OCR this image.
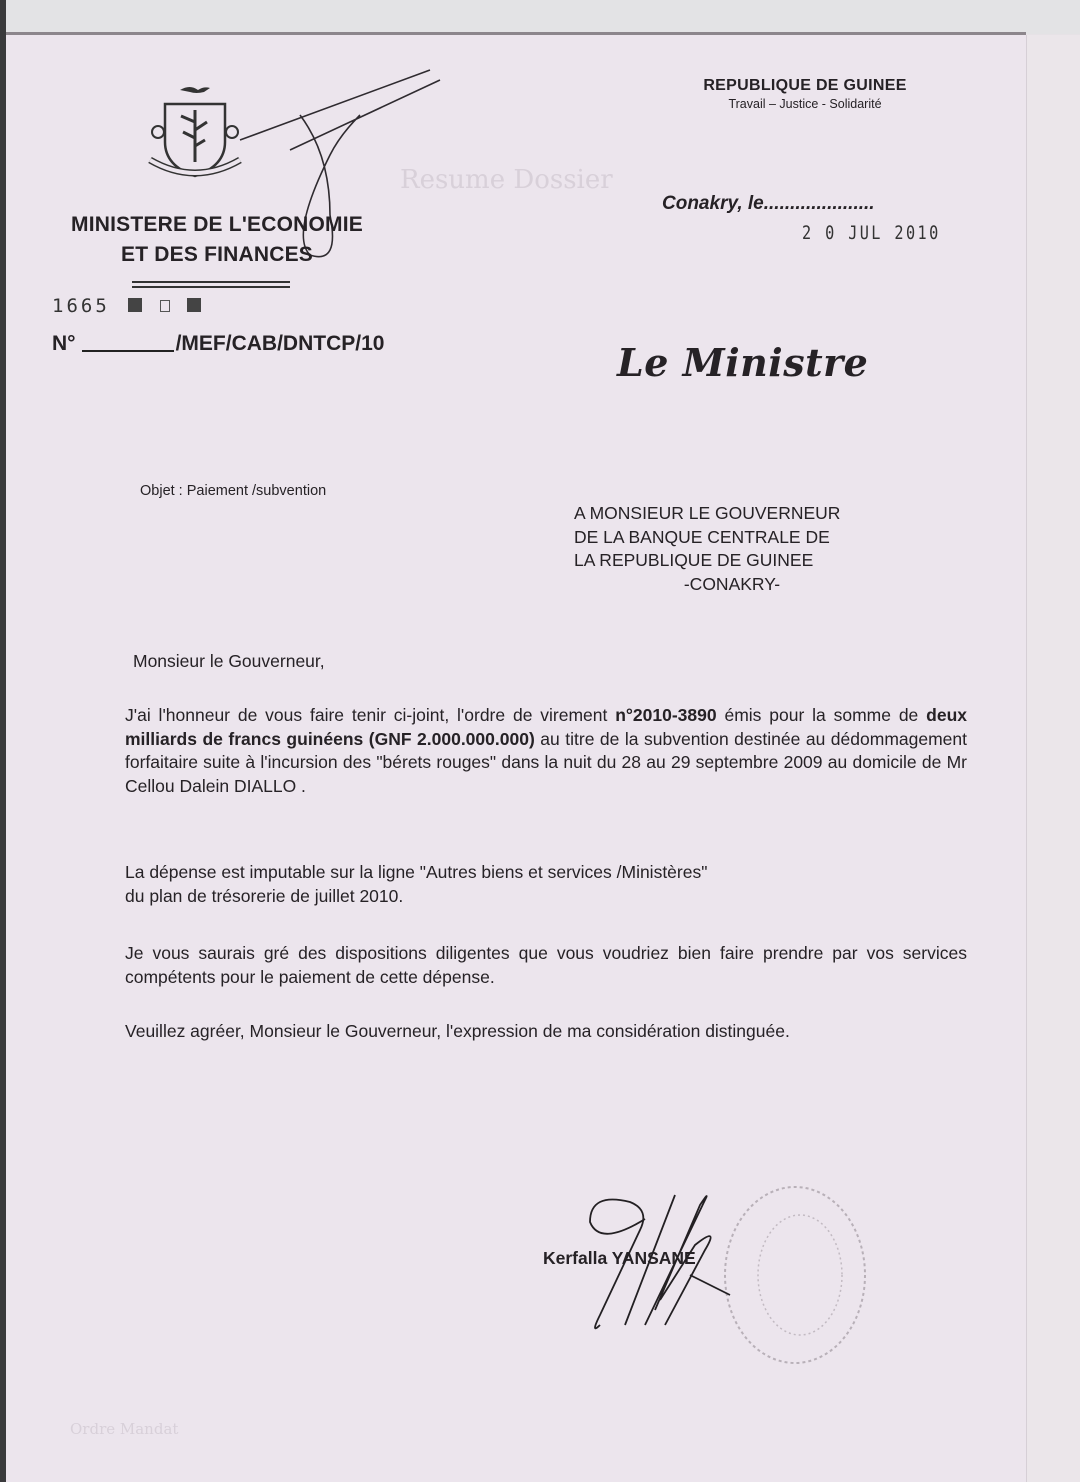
Resume Dossier
Ordre Mandat
MINISTERE DE L'ECONOMIE
ET DES FINANCES
1665
N°	/MEF/CAB/DNTCP/10
REPUBLIQUE DE GUINEE
Travail – Justice - Solidarité
Conakry, le.....................
2 0 JUL 2010
Le Ministre
Objet : Paiement /subvention
A MONSIEUR LE GOUVERNEUR
DE LA BANQUE CENTRALE DE
LA REPUBLIQUE DE GUINEE
-CONAKRY-
Monsieur le Gouverneur,
J'ai l'honneur de vous faire tenir ci-joint, l'ordre de virement n°2010-3890 émis pour la somme de deux milliards de francs guinéens (GNF 2.000.000.000) au titre de la subvention destinée au dédommagement forfaitaire suite à l'incursion des "bérets rouges" dans la nuit du 28 au 29 septembre 2009 au domicile de Mr Cellou Dalein DIALLO .
La dépense est imputable sur la ligne "Autres biens et services /Ministères"
du plan de trésorerie de juillet 2010.
Je vous saurais gré des dispositions diligentes que vous voudriez bien faire prendre par vos services compétents pour le paiement de cette dépense.
Veuillez agréer, Monsieur le Gouverneur, l'expression de ma considération distinguée.
Kerfalla YANSANE
